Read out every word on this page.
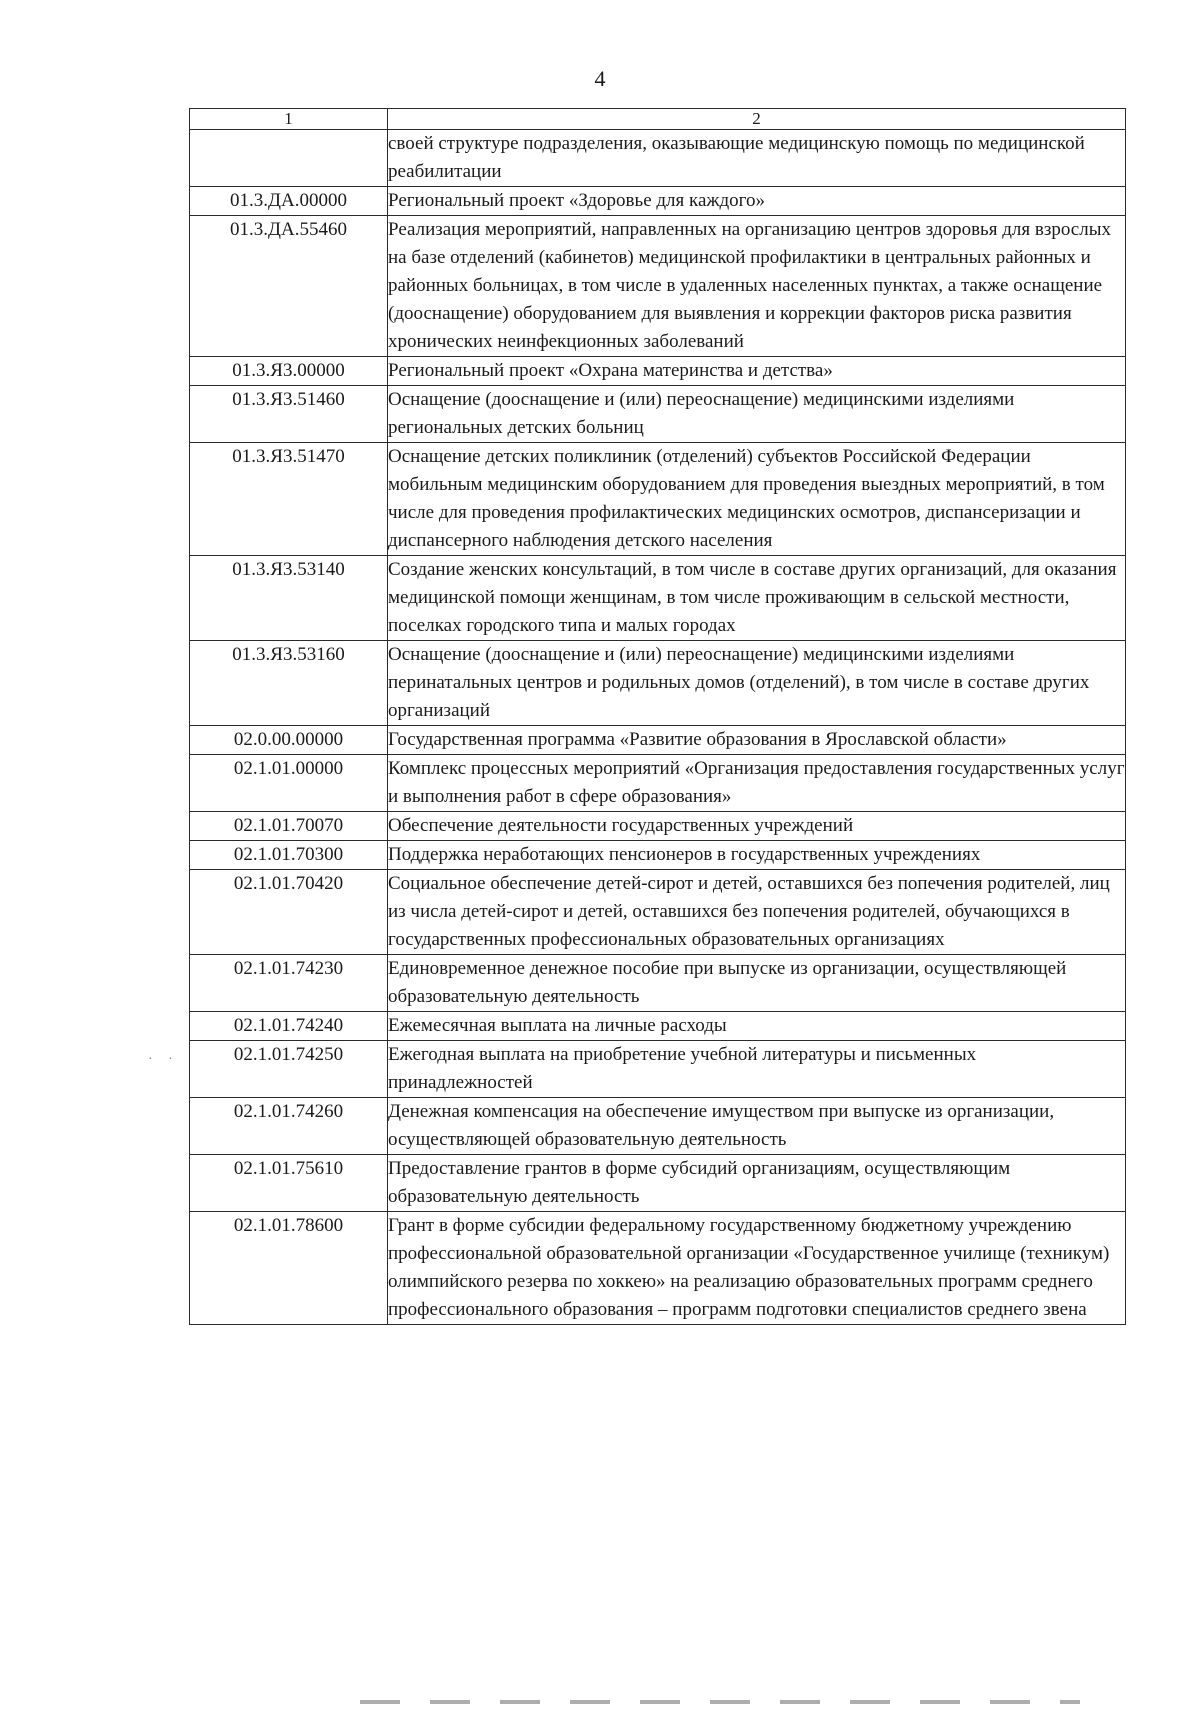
4
1	2
	своей структуре подразделения, оказывающие медицинскую помощь по медицинской реабилитации
01.3.ДА.00000	Региональный проект «Здоровье для каждого»
01.3.ДА.55460	Реализация мероприятий, направленных на организацию центров здоровья для взрослых на базе отделений (кабинетов) медицинской профилактики в центральных районных и районных больницах, в том числе в удаленных населенных пунктах, а также оснащение (дооснащение) оборудованием для выявления и коррекции факторов риска развития хронических неинфекционных заболеваний
01.3.Я3.00000	Региональный проект «Охрана материнства и детства»
01.3.Я3.51460	Оснащение (дооснащение и (или) переоснащение) медицинскими изделиями региональных детских больниц
01.3.Я3.51470	Оснащение детских поликлиник (отделений) субъектов Российской Федерации мобильным медицинским оборудованием для проведения выездных мероприятий, в том числе для проведения профилактических медицинских осмотров, диспансеризации и диспансерного наблюдения детского населения
01.3.Я3.53140	Создание женских консультаций, в том числе в составе других организаций, для оказания медицинской помощи женщинам, в том числе проживающим в сельской местности, поселках городского типа и малых городах
01.3.Я3.53160	Оснащение (дооснащение и (или) переоснащение) медицинскими изделиями перинатальных центров и родильных домов (отделений), в том числе в составе других организаций
02.0.00.00000	Государственная программа «Развитие образования в Ярославской области»
02.1.01.00000	Комплекс процессных мероприятий «Организация предоставления государственных услуг и выполнения работ в сфере образования»
02.1.01.70070	Обеспечение деятельности государственных учреждений
02.1.01.70300	Поддержка неработающих пенсионеров в государственных учреждениях
02.1.01.70420	Социальное обеспечение детей-сирот и детей, оставшихся без попечения родителей, лиц из числа детей-сирот и детей, оставшихся без попечения родителей, обучающихся в государственных профессиональных образовательных организациях
02.1.01.74230	Единовременное денежное пособие при выпуске из организации, осуществляющей образовательную деятельность
02.1.01.74240	Ежемесячная выплата на личные расходы
02.1.01.74250	Ежегодная выплата на приобретение учебной литературы и письменных принадлежностей
02.1.01.74260	Денежная компенсация на обеспечение имуществом при выпуске из организации, осуществляющей образовательную деятельность
02.1.01.75610	Предоставление грантов в форме субсидий организациям, осуществляющим образовательную деятельность
02.1.01.78600	Грант в форме субсидии федеральному государственному бюджетному учреждению профессиональной образовательной организации «Государственное училище (техникум) олимпийского резерва по хоккею» на реализацию образовательных программ среднего профессионального образования – программ подготовки специалистов среднего звена
· ·
